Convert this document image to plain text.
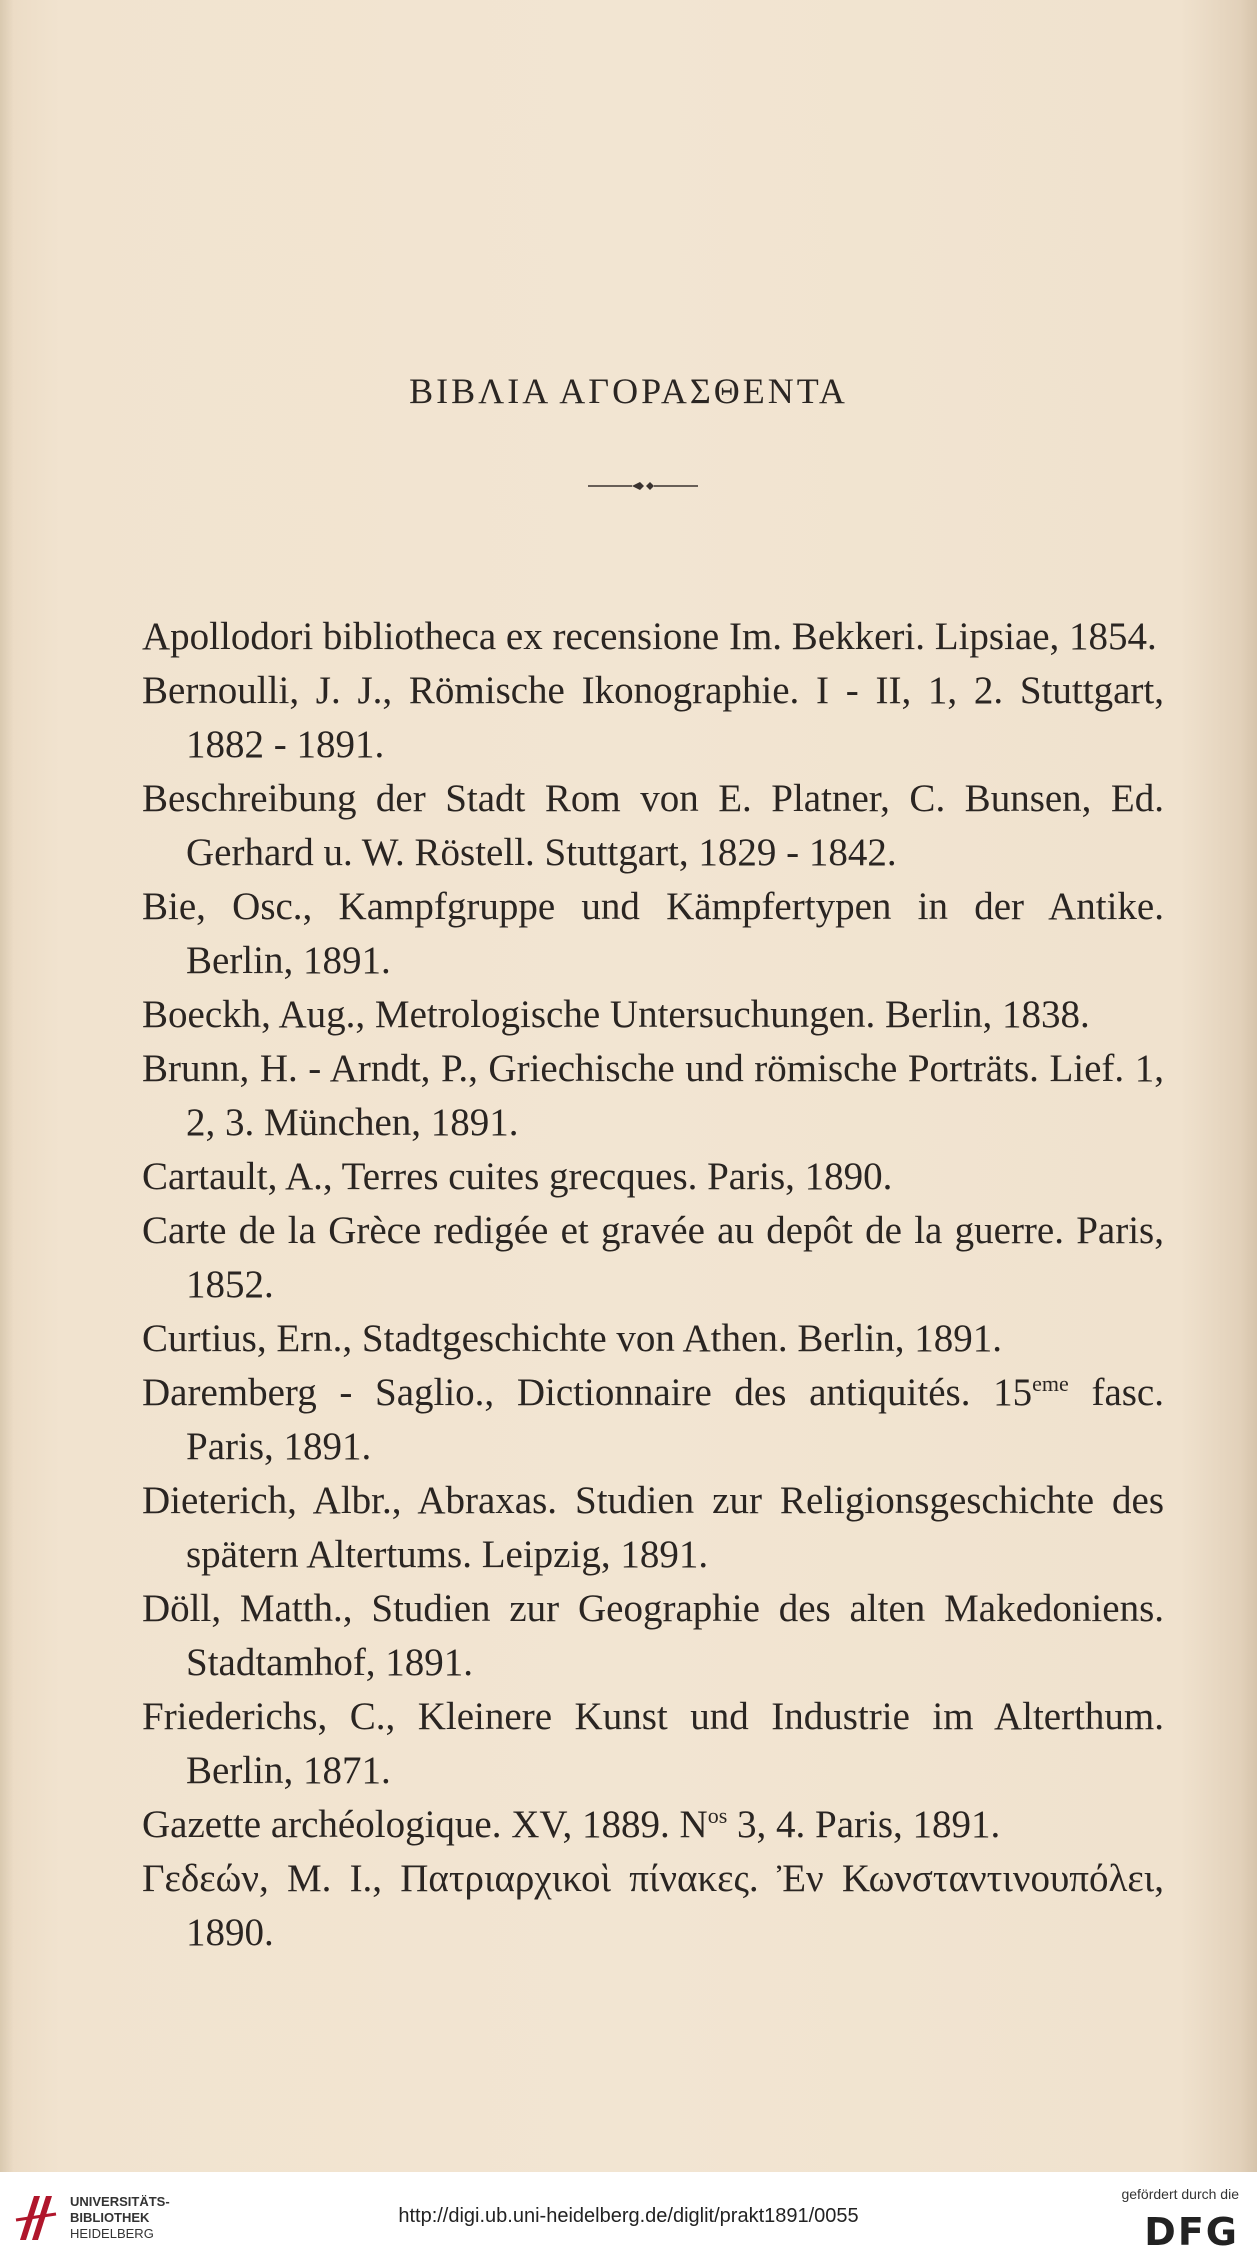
ΒΙΒΛΙΑ ΑΓΟΡΑΣΘΕΝΤΑ

Apollodori bibliotheca ex recensione Im. Bekkeri. Lipsiae, 1854.

Bernoulli, J. J., Römische Ikonographie. I - II, 1, 2. Stuttgart, 1882 - 1891.

Beschreibung der Stadt Rom von E. Platner, C. Bunsen, Ed. Gerhard u. W. Röstell. Stuttgart, 1829 - 1842.

Bie, Osc., Kampfgruppe und Kämpfertypen in der Antike. Berlin, 1891.

Boeckh, Aug., Metrologische Untersuchungen. Berlin, 1838.

Brunn, H. - Arndt, P., Griechische und römische Porträts. Lief. 1, 2, 3. München, 1891.

Cartault, A., Terres cuites grecques. Paris, 1890.

Carte de la Grèce redigée et gravée au depôt de la guerre. Paris, 1852.

Curtius, Ern., Stadtgeschichte von Athen. Berlin, 1891.

Daremberg - Saglio., Dictionnaire des antiquités. 15eme fasc. Paris, 1891.

Dieterich, Albr., Abraxas. Studien zur Religionsgeschichte des spätern Altertums. Leipzig, 1891.

Döll, Matth., Studien zur Geographie des alten Makedoniens. Stadtamhof, 1891.

Friederichs, C., Kleinere Kunst und Industrie im Alterthum. Berlin, 1871.

Gazette archéologique. XV, 1889. $N^{os}$ 3, 4. Paris, 1891.

Γεδεών, Μ. Ι., Πατριαρχικοὶ πίνακες. Ἐν Κωνσταντινουπόλει, 1890.

UNIVERSITÄTS-
BIBLIOTHEK
HEIDELBERG
http://digi.ub.uni-heidelberg.de/diglit/prakt1891/0055
gefördert durch die
DFG
